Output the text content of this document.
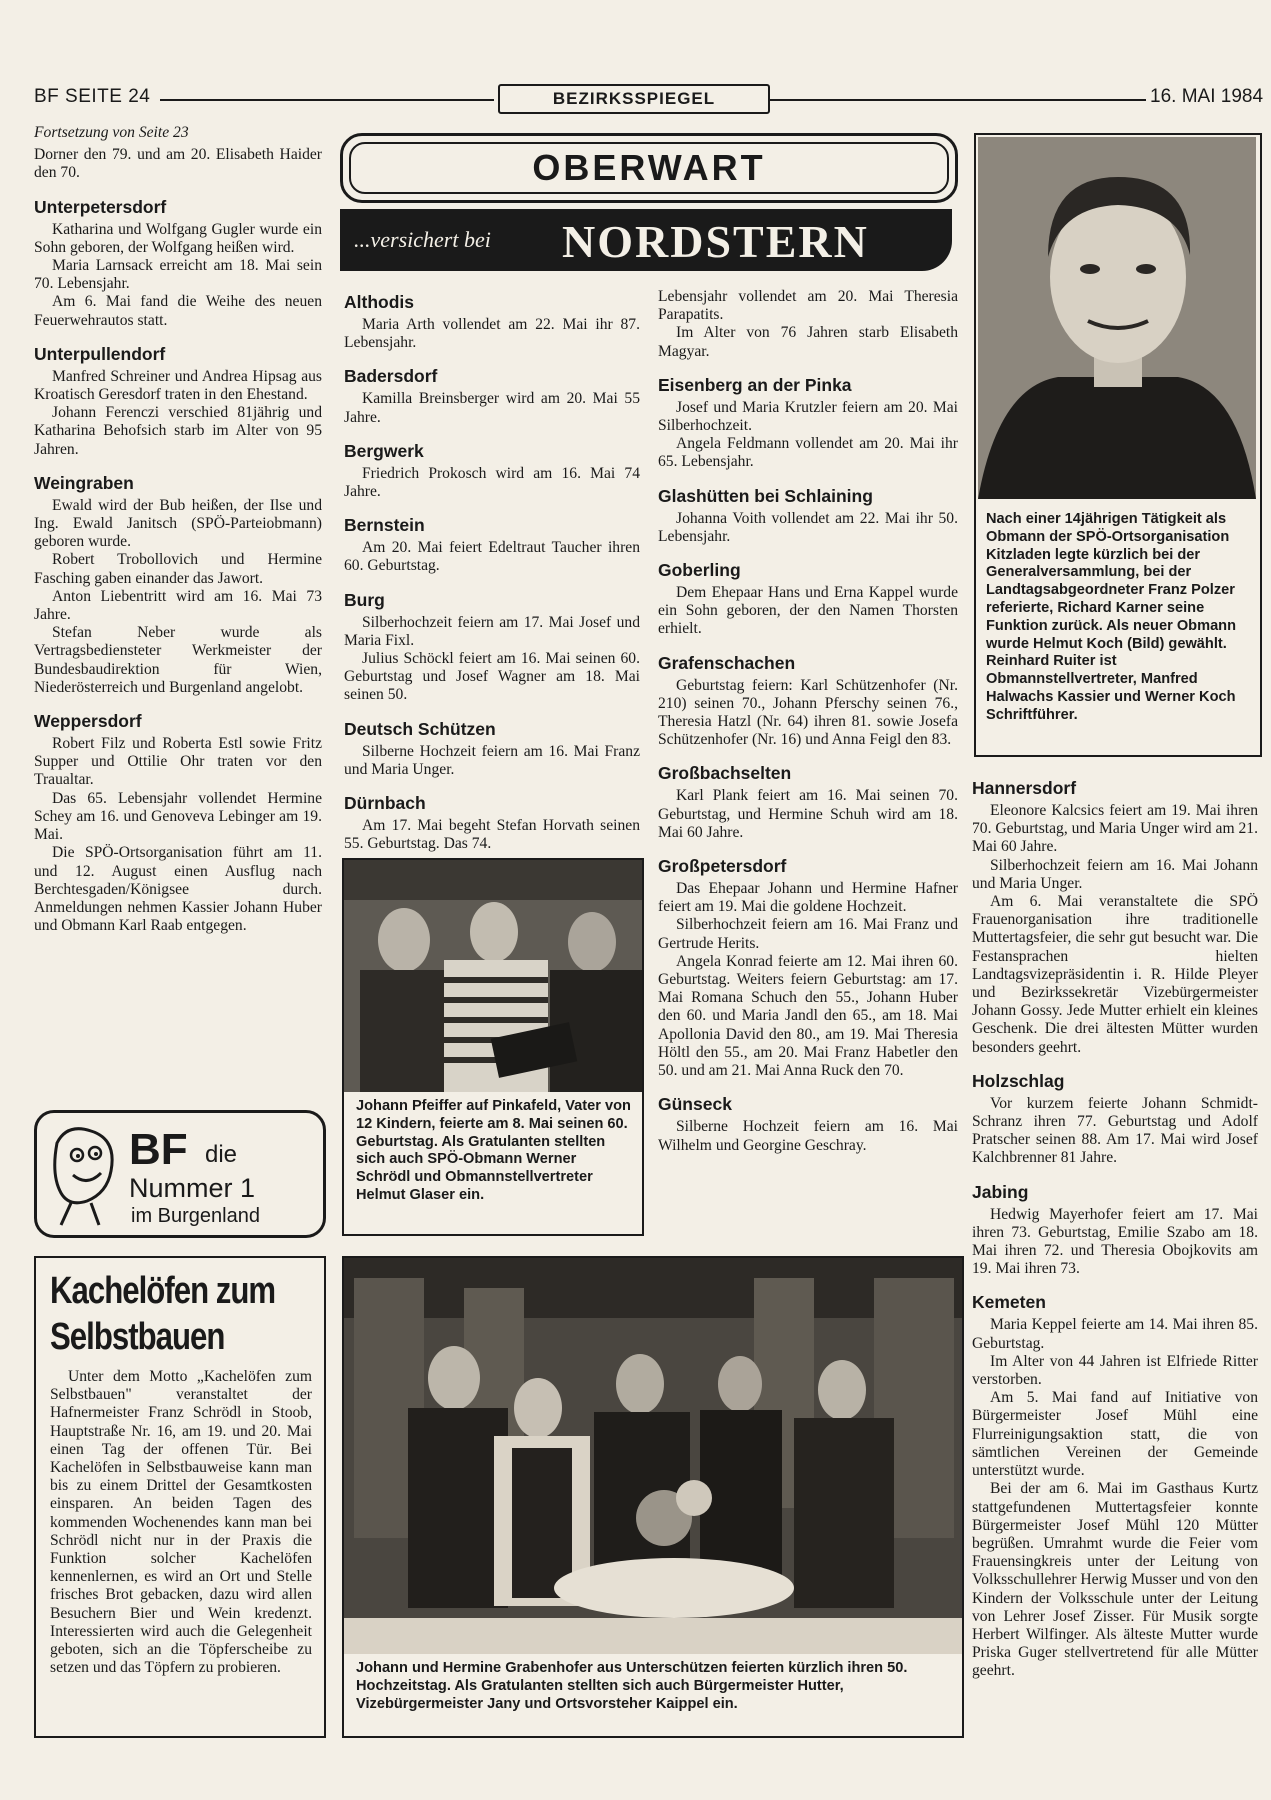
BF SEITE 24	BEZIRKSSPIEGEL	16. MAI 1984

Fortsetzung von Seite 23

Dorner den 79. und am 20. Elisabeth Haider den 70.

Unterpetersdorf

Katharina und Wolfgang Gugler wurde ein Sohn geboren, der Wolfgang heißen wird.

Maria Larnsack erreicht am 18. Mai sein 70. Lebensjahr.

Am 6. Mai fand die Weihe des neuen Feuerwehrautos statt.

Unterpullendorf

Manfred Schreiner und Andrea Hipsag aus Kroatisch Geresdorf traten in den Ehestand.

Johann Ferenczi verschied 81jährig und Katharina Behofsich starb im Alter von 95 Jahren.

Weingraben

Ewald wird der Bub heißen, der Ilse und Ing. Ewald Janitsch (SPÖ-Parteiobmann) geboren wurde.

Robert Trobollovich und Hermine Fasching gaben einander das Jawort.

Anton Liebentritt wird am 16. Mai 73 Jahre.

Stefan Neber wurde als Vertragsbediensteter Werkmeister der Bundesbaudirektion für Wien, Niederösterreich und Burgenland angelobt.

Weppersdorf

Robert Filz und Roberta Estl sowie Fritz Supper und Ottilie Ohr traten vor den Traualtar.

Das 65. Lebensjahr vollendet Hermine Schey am 16. und Genoveva Lebinger am 19. Mai.

Die SPÖ-Ortsorganisation führt am 11. und 12. August einen Ausflug nach Berchtesgaden/Königsee durch. Anmeldungen nehmen Kassier Johann Huber und Obmann Karl Raab entgegen.

BF die
Nummer 1
im Burgenland
Kachelöfen zum
Selbstbauen

Unter dem Motto „Kachelöfen zum Selbstbauen" veranstaltet der Hafnermeister Franz Schrödl in Stoob, Hauptstraße Nr. 16, am 19. und 20. Mai einen Tag der offenen Tür. Bei Kachelöfen in Selbstbauweise kann man bis zu einem Drittel der Gesamtkosten einsparen. An beiden Tagen des kommenden Wochenendes kann man bei Schrödl nicht nur in der Praxis die Funktion solcher Kachelöfen kennenlernen, es wird an Ort und Stelle frisches Brot gebacken, dazu wird allen Besuchern Bier und Wein kredenzt. Interessierten wird auch die Gelegenheit geboten, sich an die Töpferscheibe zu setzen und das Töpfern zu probieren.

OBERWART
...versichert bei NORDSTERN
Althodis

Maria Arth vollendet am 22. Mai ihr 87. Lebensjahr.

Badersdorf

Kamilla Breinsberger wird am 20. Mai 55 Jahre.

Bergwerk

Friedrich Prokosch wird am 16. Mai 74 Jahre.

Bernstein

Am 20. Mai feiert Edeltraut Taucher ihren 60. Geburtstag.

Burg

Silberhochzeit feiern am 17. Mai Josef und Maria Fixl.

Julius Schöckl feiert am 16. Mai seinen 60. Geburtstag und Josef Wagner am 18. Mai seinen 50.

Deutsch Schützen

Silberne Hochzeit feiern am 16. Mai Franz und Maria Unger.

Dürnbach

Am 17. Mai begeht Stefan Horvath seinen 55. Geburtstag. Das 74.

Johann Pfeiffer auf Pinkafeld, Vater von 12 Kindern, feierte am 8. Mai seinen 60. Geburtstag. Als Gratulanten stellten sich auch SPÖ-Obmann Werner Schrödl und Obmannstellvertreter Helmut Glaser ein.

Lebensjahr vollendet am 20. Mai Theresia Parapatits.

Im Alter von 76 Jahren starb Elisabeth Magyar.

Eisenberg an der Pinka

Josef und Maria Krutzler feiern am 20. Mai Silberhochzeit.

Angela Feldmann vollendet am 20. Mai ihr 65. Lebensjahr.

Glashütten bei Schlaining

Johanna Voith vollendet am 22. Mai ihr 50. Lebensjahr.

Goberling

Dem Ehepaar Hans und Erna Kappel wurde ein Sohn geboren, der den Namen Thorsten erhielt.

Grafenschachen

Geburtstag feiern: Karl Schützenhofer (Nr. 210) seinen 70., Johann Pferschy seinen 76., Theresia Hatzl (Nr. 64) ihren 81. sowie Josefa Schützenhofer (Nr. 16) und Anna Feigl den 83.

Großbachselten

Karl Plank feiert am 16. Mai seinen 70. Geburtstag, und Hermine Schuh wird am 18. Mai 60 Jahre.

Großpetersdorf

Das Ehepaar Johann und Hermine Hafner feiert am 19. Mai die goldene Hochzeit.

Silberhochzeit feiern am 16. Mai Franz und Gertrude Herits.

Angela Konrad feierte am 12. Mai ihren 60. Geburtstag. Weiters feiern Geburtstag: am 17. Mai Romana Schuch den 55., Johann Huber den 60. und Maria Jandl den 65., am 18. Mai Apollonia David den 80., am 19. Mai Theresia Höltl den 55., am 20. Mai Franz Habetler den 50. und am 21. Mai Anna Ruck den 70.

Günseck

Silberne Hochzeit feiern am 16. Mai Wilhelm und Georgine Geschray.

Nach einer 14jährigen Tätigkeit als Obmann der SPÖ-Ortsorganisation Kitzladen legte kürzlich bei der Generalversammlung, bei der Landtagsabgeordneter Franz Polzer referierte, Richard Karner seine Funktion zurück. Als neuer Obmann wurde Helmut Koch (Bild) gewählt. Reinhard Ruiter ist Obmannstellvertreter, Manfred Halwachs Kassier und Werner Koch Schriftführer.
Hannersdorf

Eleonore Kalcsics feiert am 19. Mai ihren 70. Geburtstag, und Maria Unger wird am 21. Mai 60 Jahre.

Silberhochzeit feiern am 16. Mai Johann und Maria Unger.

Am 6. Mai veranstaltete die SPÖ Frauenorganisation ihre traditionelle Muttertagsfeier, die sehr gut besucht war. Die Festansprachen hielten Landtagsvizepräsidentin i. R. Hilde Pleyer und Bezirkssekretär Vizebürgermeister Johann Gossy. Jede Mutter erhielt ein kleines Geschenk. Die drei ältesten Mütter wurden besonders geehrt.

Holzschlag

Vor kurzem feierte Johann Schmidt-Schranz ihren 77. Geburtstag und Adolf Pratscher seinen 88. Am 17. Mai wird Josef Kalchbrenner 81 Jahre.

Jabing

Hedwig Mayerhofer feiert am 17. Mai ihren 73. Geburtstag, Emilie Szabo am 18. Mai ihren 72. und Theresia Obojkovits am 19. Mai ihren 73.

Kemeten

Maria Keppel feierte am 14. Mai ihren 85. Geburtstag.

Im Alter von 44 Jahren ist Elfriede Ritter verstorben.

Am 5. Mai fand auf Initiative von Bürgermeister Josef Mühl eine Flurreinigungsaktion statt, die von sämtlichen Vereinen der Gemeinde unterstützt wurde.

Bei der am 6. Mai im Gasthaus Kurtz stattgefundenen Muttertagsfeier konnte Bürgermeister Josef Mühl 120 Mütter begrüßen. Umrahmt wurde die Feier vom Frauensingkreis unter der Leitung von Volksschullehrer Herwig Musser und von den Kindern der Volksschule unter der Leitung von Lehrer Josef Zisser. Für Musik sorgte Herbert Wilfinger. Als älteste Mutter wurde Priska Guger stellvertretend für alle Mütter geehrt.

Johann und Hermine Grabenhofer aus Unterschützen feierten kürzlich ihren 50. Hochzeitstag. Als Gratulanten stellten sich auch Bürgermeister Hutter, Vizebürgermeister Jany und Ortsvorsteher Kaippel ein.
